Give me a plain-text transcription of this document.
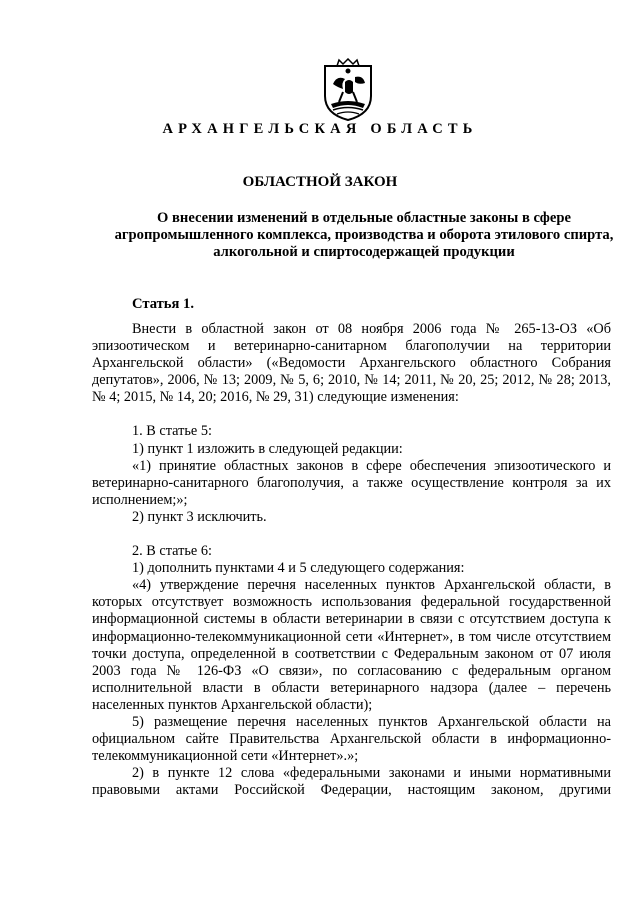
АРХАНГЕЛЬСКАЯ ОБЛАСТЬ
ОБЛАСТНОЙ ЗАКОН
О внесении изменений в отдельные областные законы в сфере агропромышленного комплекса, производства и оборота этилового спирта, алкогольной и спиртосодержащей продукции
Статья 1.

Внести в областной закон от 08 ноября 2006 года № 265-13-ОЗ «Об эпизоотическом и ветеринарно-санитарном благополучии на территории Архангельской области» («Ведомости Архангельского областного Собрания депутатов», 2006, № 13; 2009, № 5, 6; 2010, № 14; 2011, № 20, 25; 2012, № 28; 2013, № 4; 2015, № 14, 20; 2016, № 29, 31) следующие изменения:

1. В статье 5:

1) пункт 1 изложить в следующей редакции:

«1) принятие областных законов в сфере обеспечения эпизоотического и ветеринарно-санитарного благополучия, а также осуществление контроля за их исполнением;»;

2) пункт 3 исключить.

2. В статье 6:

1) дополнить пунктами 4 и 5 следующего содержания:

«4) утверждение перечня населенных пунктов Архангельской области, в которых отсутствует возможность использования федеральной государственной информационной системы в области ветеринарии в связи с отсутствием доступа к информационно-телекоммуникационной сети «Интернет», в том числе отсутствием точки доступа, определенной в соответствии с Федеральным законом от 07 июля 2003 года № 126-ФЗ «О связи», по согласованию с федеральным органом исполнительной власти в области ветеринарного надзора (далее – перечень населенных пунктов Архангельской области);

5) размещение перечня населенных пунктов Архангельской области на официальном сайте Правительства Архангельской области в информационно-телекоммуникационной сети «Интернет».»;

2) в пункте 12 слова «федеральными законами и иными нормативными правовыми актами Российской Федерации, настоящим законом, другими
